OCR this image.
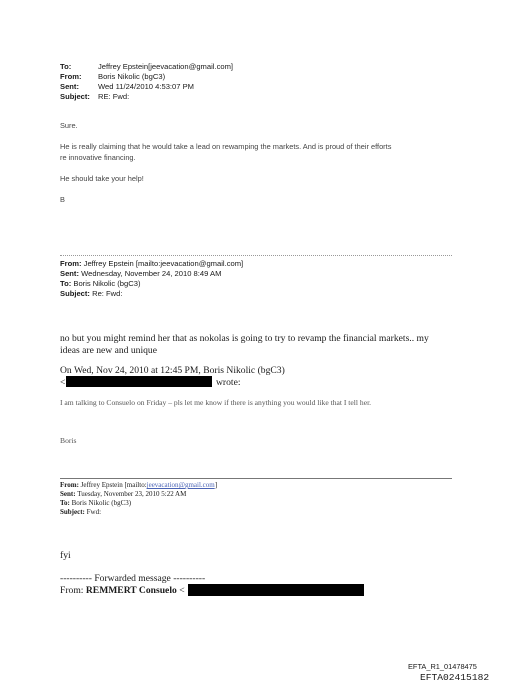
To:	Jeffrey Epstein[jeevacation@gmail.com]
From: Boris Nikolic (bgC3)
Sent:	Wed 11/24/2010 4:53:07 PM
Subject: RE: Fwd:
Sure.
He is really claiming that he would take a lead on rewamping the markets. And is proud of their efforts
re innovative financing.
He should take your help!
B
From: Jeffrey Epstein [mailto:jeevacation@gmail.com]
Sent: Wednesday, November 24, 2010 8:49 AM
To: Boris Nikolic (bgC3)
Subject: Re: Fwd:
no but you might remind her that as nokolas is going to try to revamp the financial markets.. my
ideas are new and unique
On Wed, Nov 24, 2010 at 12:45 PM, Boris Nikolic (bgC3)
<	wrote:
I am talking to Consuelo on Friday – pls let me know if there is anything you would like that I tell her.
Boris
From: Jeffrey Epstein [mailto:jeevacation@gmail.com]
Sent: Tuesday, November 23, 2010 5:22 AM
To: Boris Nikolic (bgC3)
Subject: Fwd:
fyi
---------- Forwarded message ----------
From: REMMERT Consuelo <
EFTA_R1_01478475
EFTA02415182
